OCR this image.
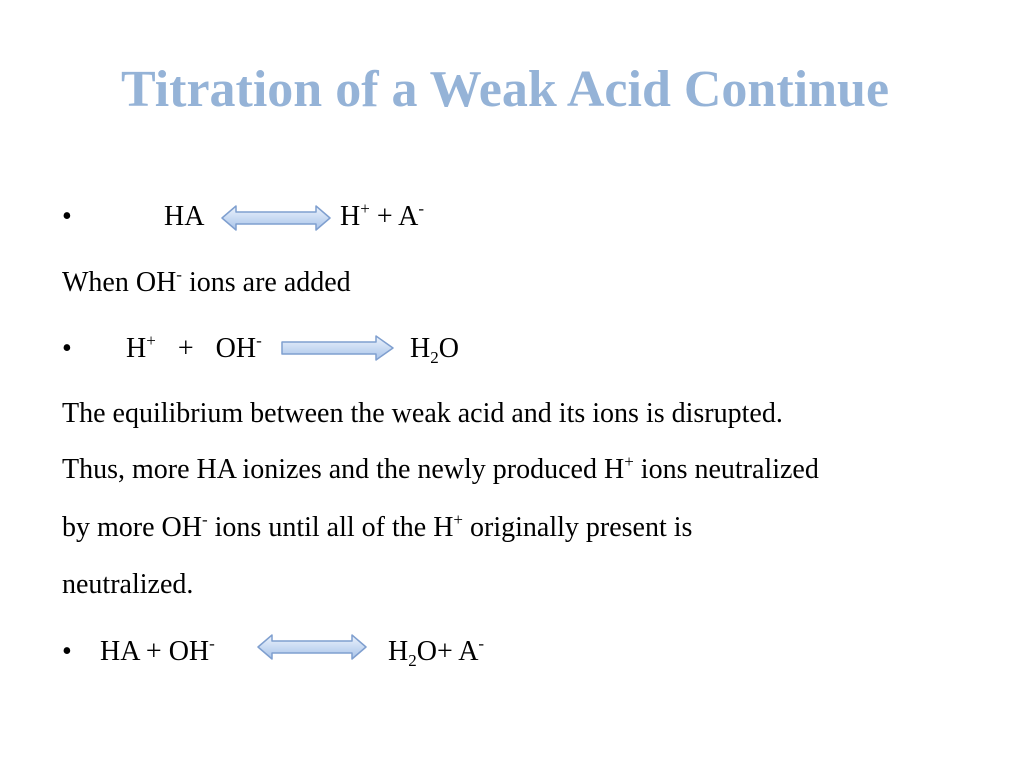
Titration of a Weak Acid Continue
•	HA	H+ + A-
When OH- ions are added
• H+ + OH-	$H_2O$
The equilibrium between the weak acid and its ions is disrupted.
Thus, more HA ionizes and the newly produced H+ ions neutralized
by more OH- ions until all of the H+ originally present is
neutralized.
• HA + OH-	$H_2O+ A^-$
